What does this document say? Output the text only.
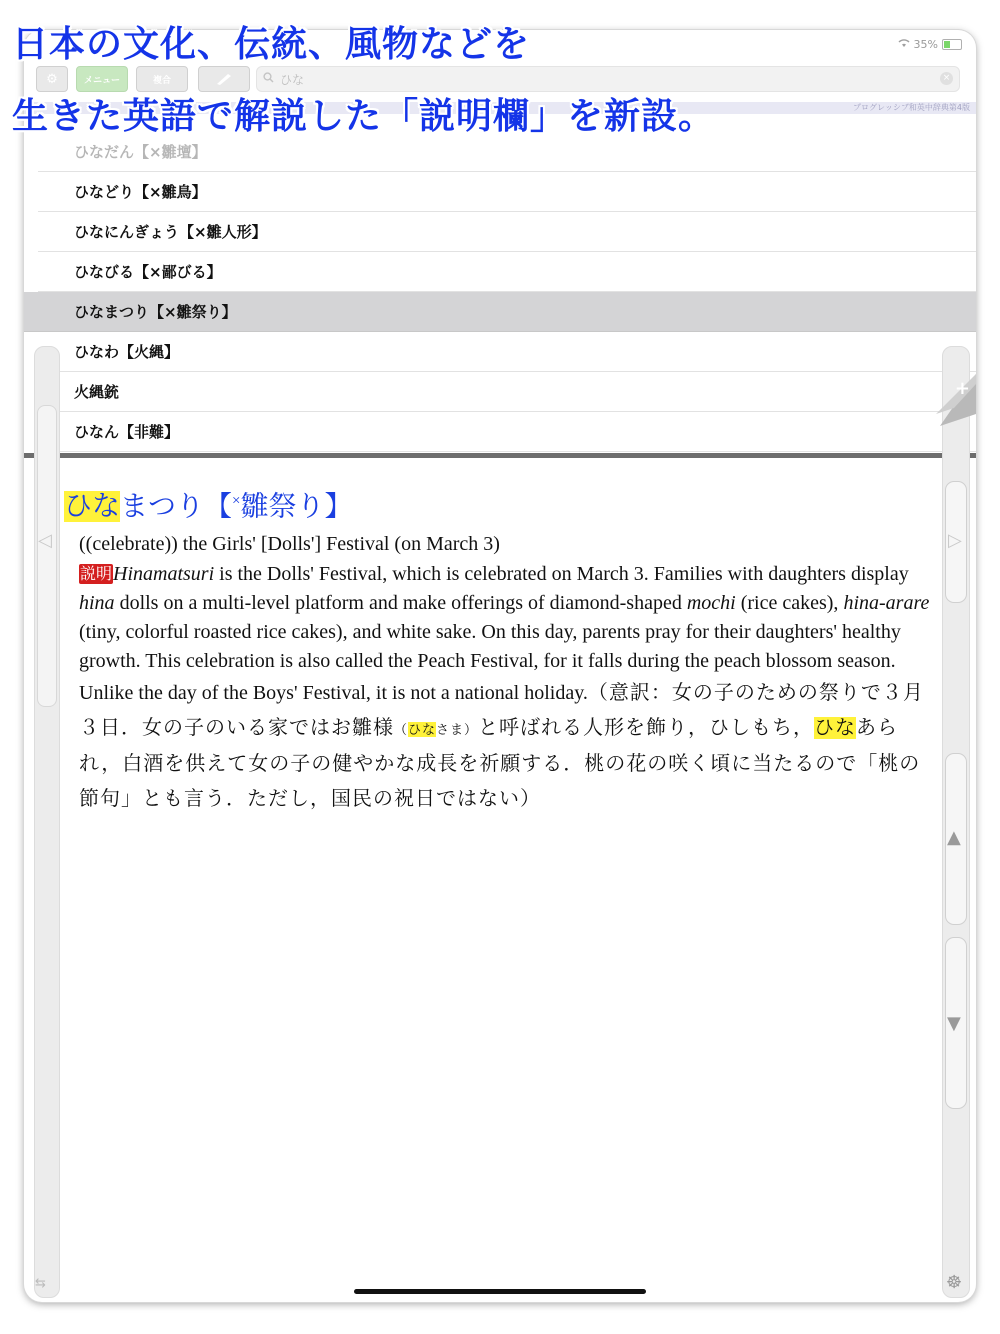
35%
⚙	メニュー	複合	ひな	×
プログレッシブ和英中辞典第4版
ひなだん【×雛壇】
ひなどり【×雛鳥】
ひなにんぎょう【×雛人形】
ひなびる【×鄙びる】
ひなまつり【×雛祭り】
ひなわ【火縄】
火縄銃
ひなん【非難】
◁
⇆
▷
▲
▼
☸
+

ひなまつり【×雛祭り】

((celebrate)) the Girls' [Dolls'] Festival (on March 3)
説明Hinamatsuri is the Dolls' Festival, which is celebrated on March 3. Families with daughters display hina dolls on a multi-level platform and make offerings of diamond-shaped mochi (rice cakes), hina-arare (tiny, colorful roasted rice cakes), and white sake. On this day, parents pray for their daughters' healthy growth. This celebration is also called the Peach Festival, for it falls during the peach blossom season. Unlike the day of the Boys' Festival, it is not a national holiday.（意訳：女の子のための祭りで３月３日．女の子のいる家ではお雛様（ひなさま）と呼ばれる人形を飾り，ひしもち，ひなあられ，白酒を供えて女の子の健やかな成長を祈願する．桃の花の咲く頃に当たるので「桃の節句」とも言う．ただし，国民の祝日ではない）
日本の文化、伝統、風物などを
生きた英語で解説した「説明欄」を新設。
